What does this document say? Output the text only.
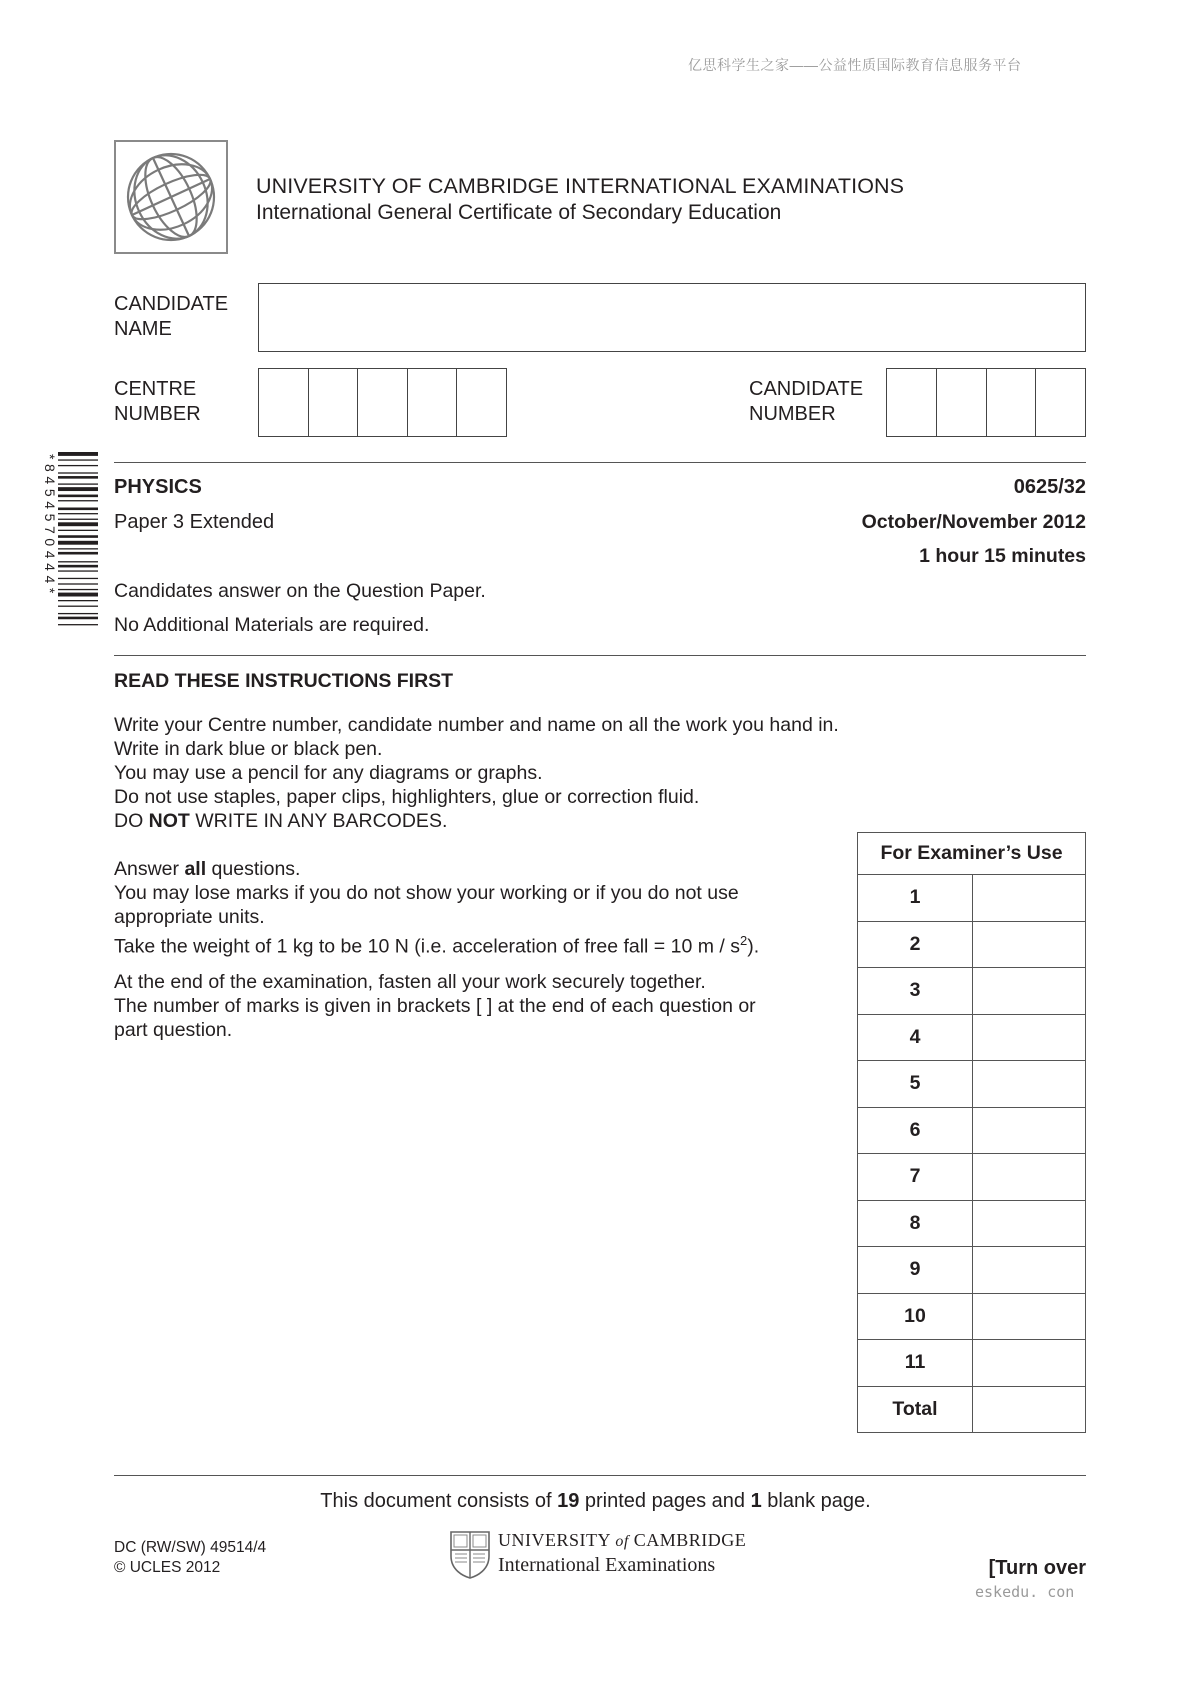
亿思科学生之家——公益性质国际教育信息服务平台
UNIVERSITY OF CAMBRIDGE INTERNATIONAL EXAMINATIONS
International General Certificate of Secondary Education
CANDIDATE
NAME
CENTRE
NUMBER
CANDIDATE
NUMBER
*8454570444*	PHYSICS
Paper 3 Extended
0625/32
October/November 2012
1 hour 15 minutes
Candidates answer on the Question Paper.
No Additional Materials are required.
READ THESE INSTRUCTIONS FIRST
Write your Centre number, candidate number and name on all the work you hand in.
Write in dark blue or black pen.
You may use a pencil for any diagrams or graphs.
Do not use staples, paper clips, highlighters, glue or correction fluid.
DO NOT WRITE IN ANY BARCODES.
Answer all questions.
You may lose marks if you do not show your working or if you do not use
appropriate units.
Take the weight of 1 kg to be 10 N (i.e. acceleration of free fall = 10 m / $s^2$).
At the end of the examination, fasten all your work securely together.
The number of marks is given in brackets [ ] at the end of each question or
part question.
For Examiner’s Use	
1	
2	
3	
4	
5	
6	
7	
8	
9	
10	
11	
Total	
This document consists of 19 printed pages and 1 blank page.
DC (RW/SW) 49514/4
© UCLES 2012
UNIVERSITY of CAMBRIDGE
International Examinations	[Turn over
eskedu. con
